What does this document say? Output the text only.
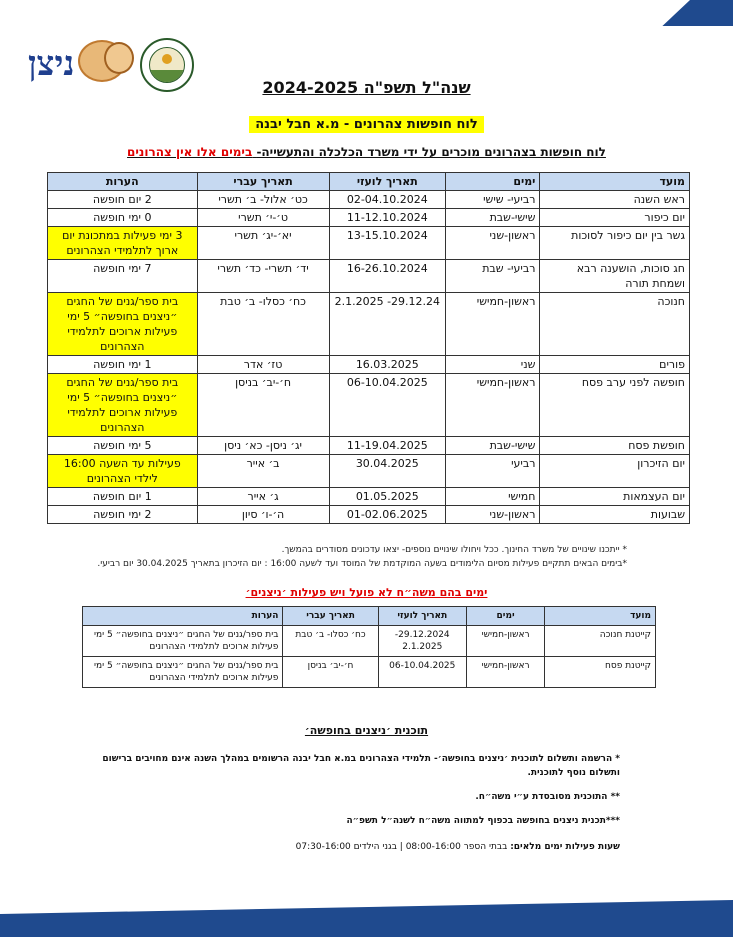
ניצן
שנה"ל תשפ"ה 2024-2025
לוח חופשות צהרונים - מ.א חבל יבנה
לוח חופשות בצהרונים מוכרים על ידי משרד הכלכלה והתעשייה- בימים אלו אין צהרונים
מועד	ימים	תאריך לועזי	תאריך עברי	הערות
ראש השנה	רביעי- שישי	02-04.10.2024	כט׳ אלול- ב׳ תשרי	2 יום חופשה
יום כיפור	שישי-שבת	11-12.10.2024	ט׳-י׳ תשרי	0 ימי חופשה
גשר בין יום כיפור לסוכות	ראשון-שני	13-15.10.2024	יא׳-יג׳ תשרי	3 ימי פעילות במתכונת יום ארוך לתלמידי הצהרונים
חג סוכות, הושענה רבא ושמחת תורה	רביעי- שבת	16-26.10.2024	יד׳ תשרי- כד׳ תשרי	7 ימי חופשה
חנוכה	ראשון-חמישי	29.12.24- 2.1.2025	כח׳ כסלו- ב׳ טבת	בית ספר/גנים של החגים ״ניצנים בחופשה״ 5 ימי פעילות ארוכים לתלמידי הצהרונים
פורים	שני	16.03.2025	טז׳ אדר	1 ימי חופשה
חופשה לפני ערב פסח	ראשון-חמישי	06-10.04.2025	ח׳-יב׳ בניסן	בית ספר/גנים של החגים ״ניצנים בחופשה״ 5 ימי פעילות ארוכים לתלמידי הצהרונים
חופשת פסח	שישי-שבת	11-19.04.2025	יג׳ ניסן- כא׳ ניסן	5 ימי חופשה
יום הזיכרון	רביעי	30.04.2025	ב׳ אייר	פעילות עד השעה 16:00 לילדי הצהרונים
יום העצמאות	חמישי	01.05.2025	ג׳ אייר	1 יום חופשה
שבועות	ראשון-שני	01-02.06.2025	ה׳-ו׳ סיון	2 ימי חופשה
* ייתכנו שינויים של משרד החינוך. ככל ויחולו שינויים נוספים- יצאו עדכונים מסודרים בהמשך.
*בימים הבאים תתקיים פעילות מסיום הלימודים בשעה המוקדמת של המוסד ועד לשעה 16:00 : יום הזיכרון בתאריך 30.04.2025 יום רביעי.
ימים בהם משה״ח לא פועל ויש פעילות ׳ניצנים׳
מועד	ימים	תאריך לועזי	תאריך עברי	הערות
קייטנת חנוכה	ראשון-חמישי	29.12.2024- 2.1.2025	כח׳ כסלו- ב׳ טבת	בית ספר/גנים של החגים ״ניצנים בחופשה״ 5 ימי פעילות ארוכים לתלמידי הצהרונים
קייטנת פסח	ראשון-חמישי	06-10.04.2025	ח׳-יב׳ בניסן	בית ספר/גנים של החגים ״ניצנים בחופשה״ 5 ימי פעילות ארוכים לתלמידי הצהרונים
תוכנית ׳ניצנים בחופשה׳

* הרשמה ותשלום לתוכנית ׳ניצנים בחופשה׳- תלמידי הצהרונים במ.א חבל יבנה הרשומים במהלך השנה אינם מחויבים ברישום ותשלום נוסף לתוכנית.

** התוכנית מסובסדת ע״י משה״ח.

***תכנית ניצנים בחופשה בכפוף למתווה משה״ח לשנה״ל תשפ״ה

שעות פעילות ימים מלאים: בבתי הספר 08:00-16:00 | בגני הילדים 07:30-16:00
